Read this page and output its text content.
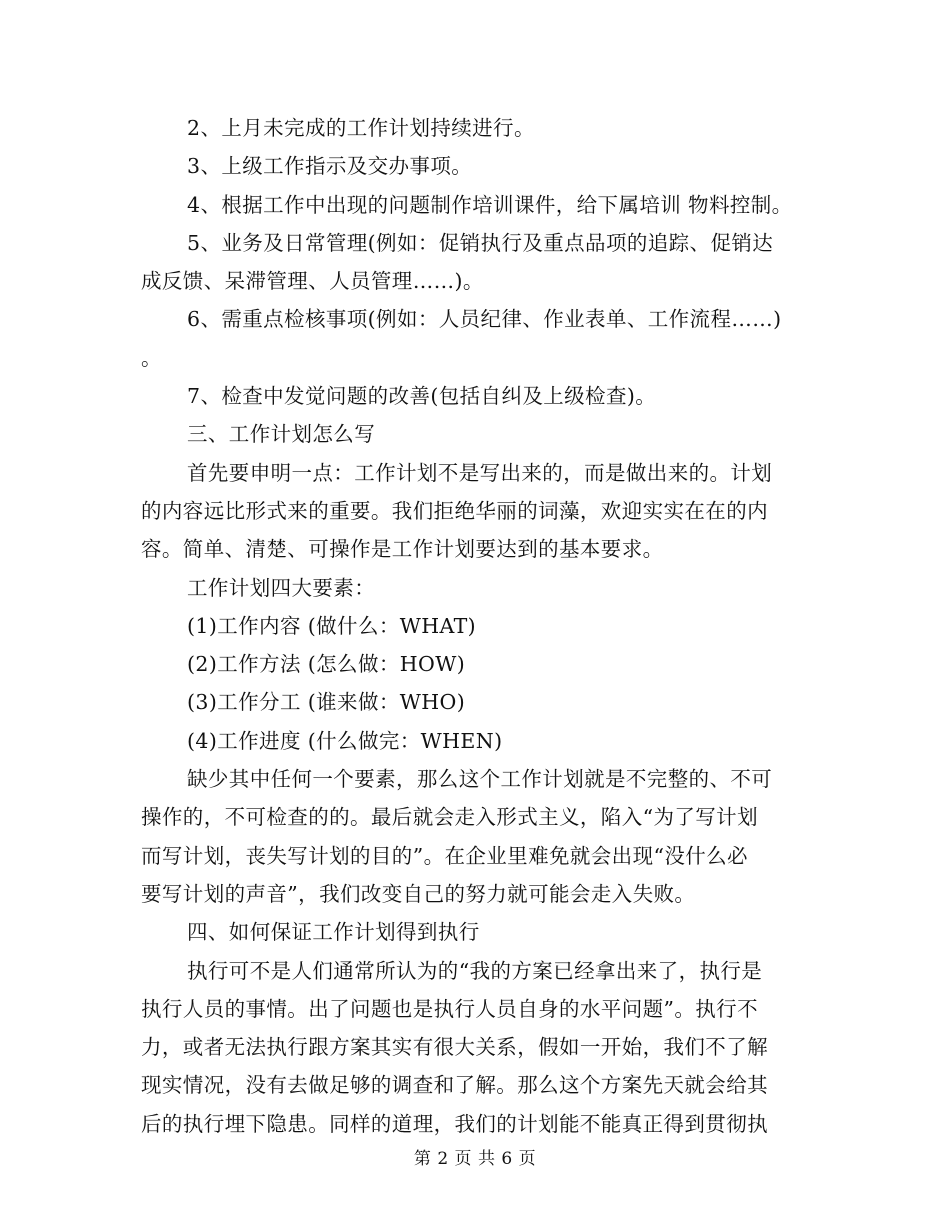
2、上月未完成的工作计划持续进行。
3、上级工作指示及交办事项。
4、根据工作中出现的问题制作培训课件，给下属培训 物料控制。
5、业务及日常管理(例如：促销执行及重点品项的追踪、促销达
成反馈、呆滞管理、人员管理……)。
6、需重点检核事项(例如：人员纪律、作业表单、工作流程……)
。
7、检查中发觉问题的改善(包括自纠及上级检查)。
三、工作计划怎么写
首先要申明一点：工作计划不是写出来的，而是做出来的。计划
的内容远比形式来的重要。我们拒绝华丽的词藻，欢迎实实在在的内
容。简单、清楚、可操作是工作计划要达到的基本要求。
工作计划四大要素：
(1)工作内容 (做什么：WHAT)
(2)工作方法 (怎么做：HOW)
(3)工作分工 (谁来做：WHO)
(4)工作进度 (什么做完：WHEN)
缺少其中任何一个要素，那么这个工作计划就是不完整的、不可
操作的，不可检查的的。最后就会走入形式主义，陷入“为了写计划
而写计划，丧失写计划的目的”。在企业里难免就会出现“没什么必
要写计划的声音”，我们改变自己的努力就可能会走入失败。
四、如何保证工作计划得到执行
执行可不是人们通常所认为的“我的方案已经拿出来了，执行是
执行人员的事情。出了问题也是执行人员自身的水平问题”。执行不
力，或者无法执行跟方案其实有很大关系，假如一开始，我们不了解
现实情况，没有去做足够的调查和了解。那么这个方案先天就会给其
后的执行埋下隐患。同样的道理，我们的计划能不能真正得到贯彻执
第 2 页 共 6 页
